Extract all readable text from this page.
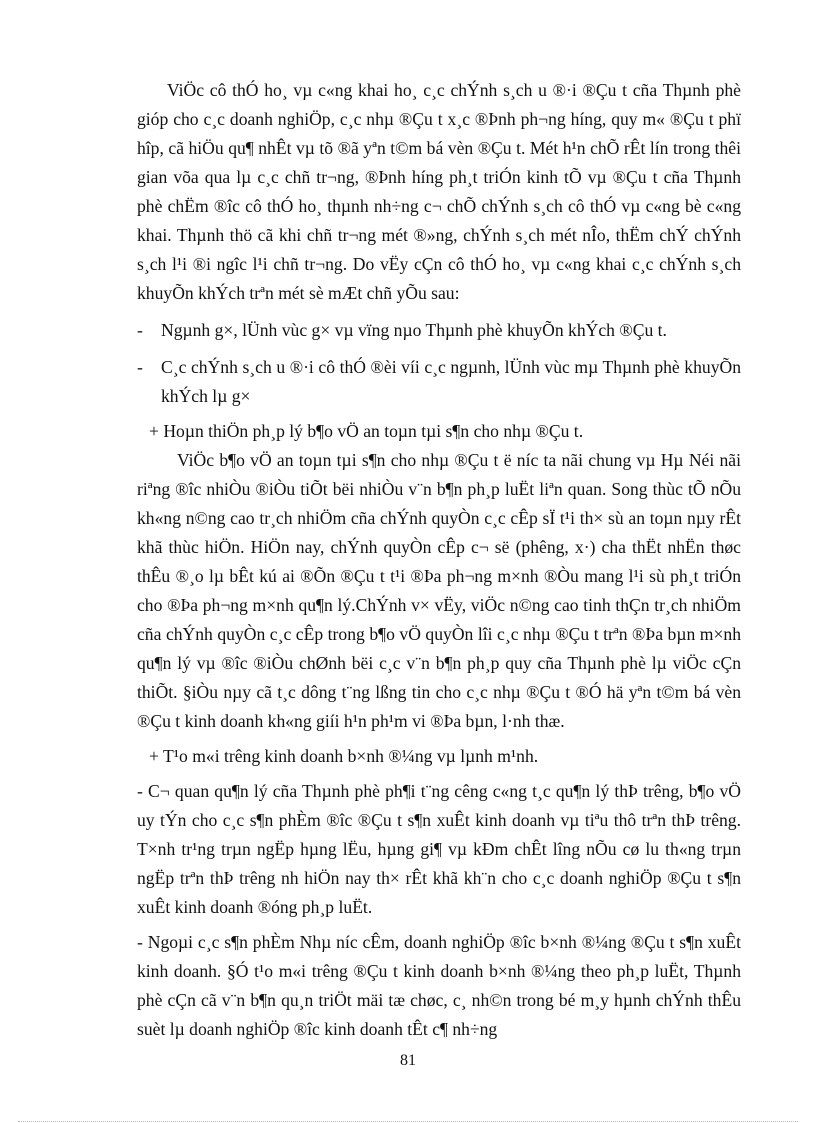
ViÖc cô thÓ ho¸ vµ c«ng khai ho¸ c¸c chÝnh s¸ch u ®·i ®Çu t cña Thµnh phè gióp cho c¸c doanh nghiÖp, c¸c nhµ ®Çu t x¸c ®Þnh ph¬ng híng, quy m« ®Çu t phï hîp, cã hiÖu qu¶ nhÊt vµ tõ ®ã yªn t©m bá vèn ®Çu t. Mét h¹n chÕ rÊt lín trong thêi gian võa qua lµ c¸c chñ tr¬ng, ®Þnh híng ph¸t triÓn kinh tÕ vµ ®Çu t cña Thµnh phè chËm ®îc cô thÓ ho¸ thµnh nh÷ng c¬ chÕ chÝnh s¸ch cô thÓ vµ c«ng bè c«ng khai. Thµnh thö cã khi chñ tr¬ng mét ®»ng, chÝnh s¸ch mét nÎo, thËm chÝ chÝnh s¸ch l¹i ®i ngîc l¹i chñ tr¬ng. Do vËy cÇn cô thÓ ho¸ vµ c«ng khai c¸c chÝnh s¸ch khuyÕn khÝch trªn mét sè mÆt chñ yÕu sau:

-	Ngµnh g×, lÜnh vùc g× vµ vïng nµo Thµnh phè khuyÕn khÝch ®Çu t.
-	C¸c chÝnh s¸ch u ®·i cô thÓ ®èi víi c¸c ngµnh, lÜnh vùc mµ Thµnh phè khuyÕn khÝch lµ g×

+ Hoµn thiÖn ph¸p lý b¶o vÖ an toµn tµi s¶n cho nhµ ®Çu t.

ViÖc b¶o vÖ an toµn tµi s¶n cho nhµ ®Çu t ë níc ta nãi chung vµ Hµ Néi nãi riªng ®îc nhiÒu ®iÒu tiÕt bëi nhiÒu v¨n b¶n ph¸p luËt liªn quan. Song thùc tÕ nÕu kh«ng n©ng cao tr¸ch nhiÖm cña chÝnh quyÒn c¸c cÊp sÏ t¹i th× sù an toµn nµy rÊt khã thùc hiÖn. HiÖn nay, chÝnh quyÒn cÊp c¬ së (phêng, x·) cha thËt nhËn thøc thÊu ®¸o lµ bÊt kú ai ®Õn ®Çu t t¹i ®Þa ph¬ng m×nh ®Òu mang l¹i sù ph¸t triÓn cho ®Þa ph¬ng m×nh qu¶n lý.ChÝnh v× vËy, viÖc n©ng cao tinh thÇn tr¸ch nhiÖm cña chÝnh quyÒn c¸c cÊp trong b¶o vÖ quyÒn lîi c¸c nhµ ®Çu t trªn ®Þa bµn m×nh qu¶n lý vµ ®îc ®iÒu chØnh bëi c¸c v¨n b¶n ph¸p quy cña Thµnh phè lµ viÖc cÇn thiÕt. §iÒu nµy cã t¸c dông t¨ng lßng tin cho c¸c nhµ ®Çu t ®Ó hä yªn t©m bá vèn ®Çu t kinh doanh kh«ng giíi h¹n ph¹m vi ®Þa bµn, l·nh thæ.

+ T¹o m«i trêng kinh doanh b×nh ®¼ng vµ lµnh m¹nh.

- C¬ quan qu¶n lý cña Thµnh phè ph¶i t¨ng cêng c«ng t¸c qu¶n lý thÞ trêng, b¶o vÖ uy tÝn cho c¸c s¶n phÈm ®îc ®Çu t s¶n xuÊt kinh doanh vµ tiªu thô trªn thÞ trêng. T×nh tr¹ng trµn ngËp hµng lËu, hµng gi¶ vµ kÐm chÊt lîng nÕu cø lu th«ng trµn ngËp trªn thÞ trêng nh hiÖn nay th× rÊt khã kh¨n cho c¸c doanh nghiÖp ®Çu t s¶n xuÊt kinh doanh ®óng ph¸p luËt.

- Ngoµi c¸c s¶n phÈm Nhµ níc cÊm, doanh nghiÖp ®îc b×nh ®¼ng ®Çu t s¶n xuÊt kinh doanh. §Ó t¹o m«i trêng ®Çu t kinh doanh b×nh ®¼ng theo ph¸p luËt, Thµnh phè cÇn cã v¨n b¶n qu¸n triÖt mäi tæ chøc, c¸ nh©n trong bé m¸y hµnh chÝnh thÊu suèt lµ doanh nghiÖp ®îc kinh doanh tÊt c¶ nh÷ng

81
